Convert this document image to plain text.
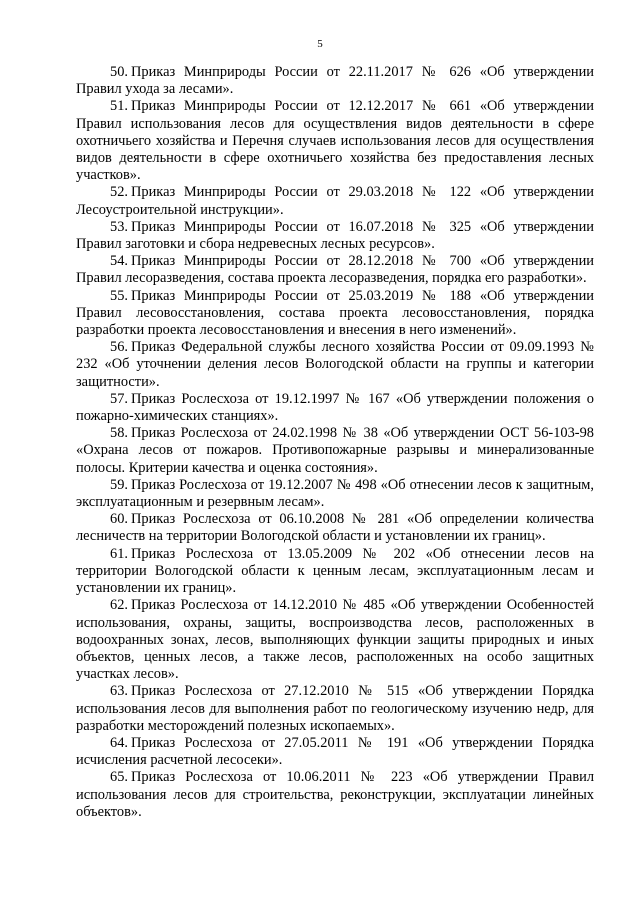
5

50. Приказ Минприроды России от 22.11.2017 № 626 «Об утверждении Правил ухода за лесами».

51. Приказ Минприроды России от 12.12.2017 № 661 «Об утверждении Правил использования лесов для осуществления видов деятельности в сфере охотничьего хозяйства и Перечня случаев использования лесов для осуществления видов деятельности в сфере охотничьего хозяйства без предоставления лесных участков».

52. Приказ Минприроды России от 29.03.2018 № 122 «Об утверждении Лесоустроительной инструкции».

53. Приказ Минприроды России от 16.07.2018 № 325 «Об утверждении Правил заготовки и сбора недревесных лесных ресурсов».

54. Приказ Минприроды России от 28.12.2018 № 700 «Об утверждении Правил лесоразведения, состава проекта лесоразведения, порядка его разработки».

55. Приказ Минприроды России от 25.03.2019 № 188 «Об утверждении Правил лесовосстановления, состава проекта лесовосстановления, порядка разработки проекта лесовосстановления и внесения в него изменений».

56. Приказ Федеральной службы лесного хозяйства России от 09.09.1993 № 232 «Об уточнении деления лесов Вологодской области на группы и категории защитности».

57. Приказ Рослесхоза от 19.12.1997 № 167 «Об утверждении положения о пожарно-химических станциях».

58. Приказ Рослесхоза от 24.02.1998 № 38 «Об утверждении ОСТ 56-103-98 «Охрана лесов от пожаров. Противопожарные разрывы и минерализованные полосы. Критерии качества и оценка состояния».

59. Приказ Рослесхоза от 19.12.2007 № 498 «Об отнесении лесов к защитным, эксплуатационным и резервным лесам».

60. Приказ Рослесхоза от 06.10.2008 № 281 «Об определении количества лесничеств на территории Вологодской области и установлении их границ».

61. Приказ Рослесхоза от 13.05.2009 № 202 «Об отнесении лесов на территории Вологодской области к ценным лесам, эксплуатационным лесам и установлении их границ».

62. Приказ Рослесхоза от 14.12.2010 № 485 «Об утверждении Особенностей использования, охраны, защиты, воспроизводства лесов, расположенных в водоохранных зонах, лесов, выполняющих функции защиты природных и иных объектов, ценных лесов, а также лесов, расположенных на особо защитных участках лесов».

63. Приказ Рослесхоза от 27.12.2010 № 515 «Об утверждении Порядка использования лесов для выполнения работ по геологическому изучению недр, для разработки месторождений полезных ископаемых».

64. Приказ Рослесхоза от 27.05.2011 № 191 «Об утверждении Порядка исчисления расчетной лесосеки».

65. Приказ Рослесхоза от 10.06.2011 № 223 «Об утверждении Правил использования лесов для строительства, реконструкции, эксплуатации линейных объектов».
